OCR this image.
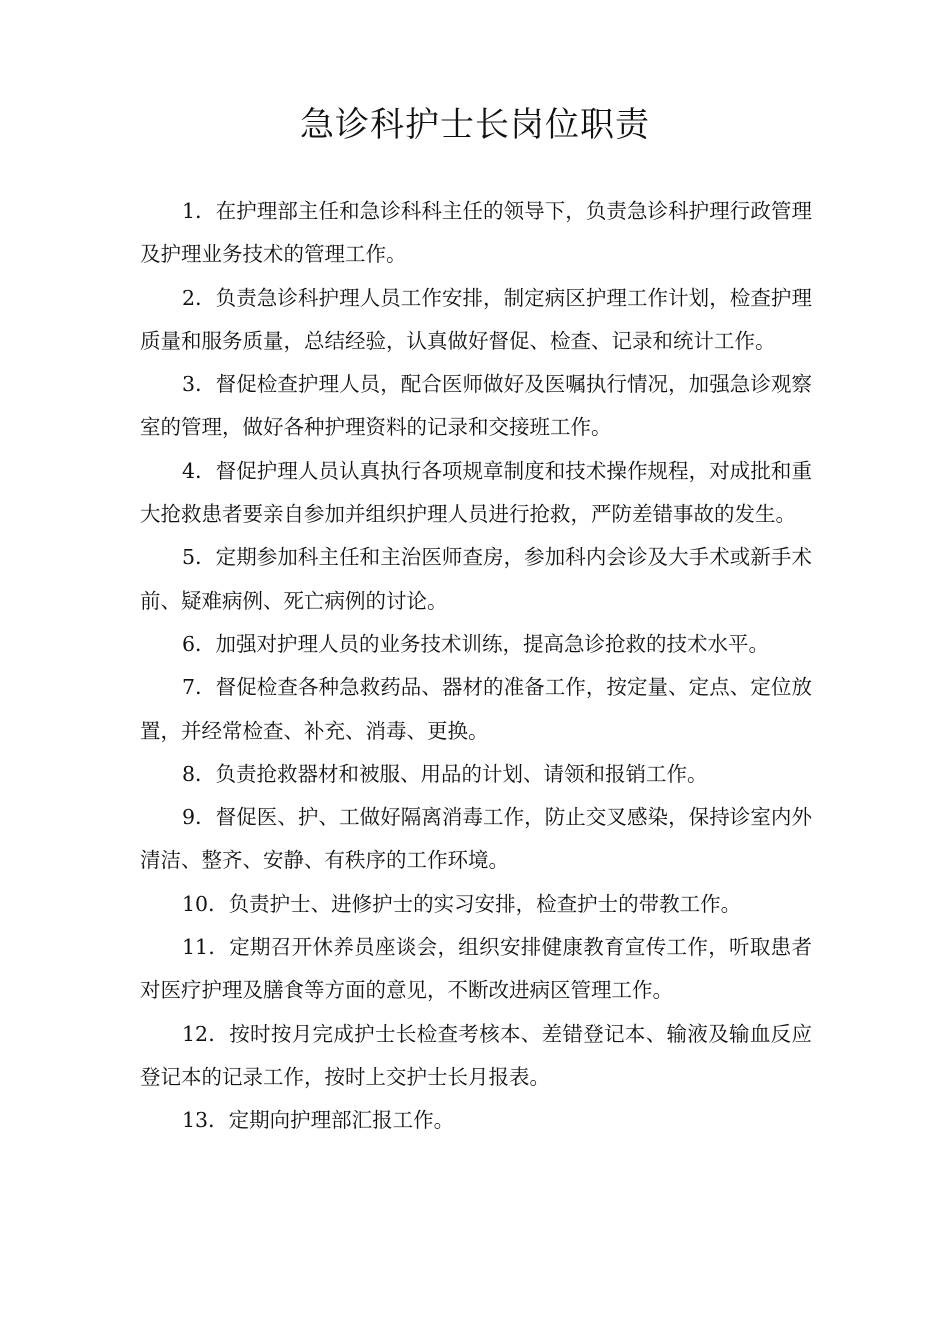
急诊科护士长岗位职责

1．在护理部主任和急诊科科主任的领导下，负责急诊科护理行政管理及护理业务技术的管理工作。

2．负责急诊科护理人员工作安排，制定病区护理工作计划，检查护理质量和服务质量，总结经验，认真做好督促、检查、记录和统计工作。

3．督促检查护理人员，配合医师做好及医嘱执行情况，加强急诊观察室的管理，做好各种护理资料的记录和交接班工作。

4．督促护理人员认真执行各项规章制度和技术操作规程，对成批和重大抢救患者要亲自参加并组织护理人员进行抢救，严防差错事故的发生。

5．定期参加科主任和主治医师查房，参加科内会诊及大手术或新手术前、疑难病例、死亡病例的讨论。

6．加强对护理人员的业务技术训练，提高急诊抢救的技术水平。

7．督促检查各种急救药品、器材的准备工作，按定量、定点、定位放置，并经常检查、补充、消毒、更换。

8．负责抢救器材和被服、用品的计划、请领和报销工作。

9．督促医、护、工做好隔离消毒工作，防止交叉感染，保持诊室内外清洁、整齐、安静、有秩序的工作环境。

10．负责护士、进修护士的实习安排，检查护士的带教工作。

11．定期召开休养员座谈会，组织安排健康教育宣传工作，听取患者对医疗护理及膳食等方面的意见，不断改进病区管理工作。

12．按时按月完成护士长检查考核本、差错登记本、输液及输血反应登记本的记录工作，按时上交护士长月报表。

13．定期向护理部汇报工作。
